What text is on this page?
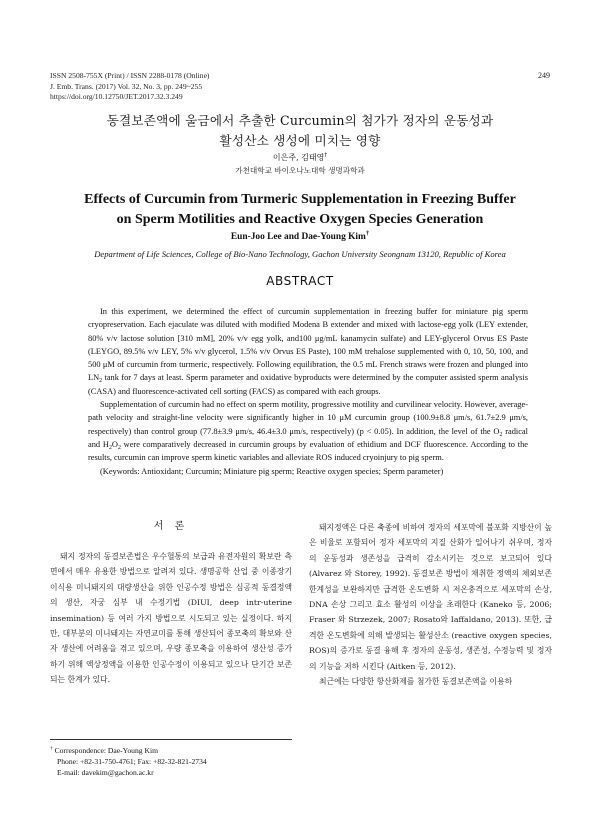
ISSN 2508-755X (Print) / ISSN 2288-0178 (Online)
J. Emb. Trans. (2017) Vol. 32, No. 3, pp. 249~255
https://doi.org/10.12750/JET.2017.32.3.249
249
동결보존액에 울금에서 추출한 Curcumin의 첨가가 정자의 운동성과
활성산소 생성에 미치는 영향
이은주, 김태영†
가천대학교 바이오나노대학 생명과학과
Effects of Curcumin from Turmeric Supplementation in Freezing Buffer
on Sperm Motilities and Reactive Oxygen Species Generation
Eun-Joo Lee and Dae-Young Kim†
Department of Life Sciences, College of Bio-Nano Technology, Gachon University Seongnam 13120, Republic of Korea
ABSTRACT

In this experiment, we determined the effect of curcumin supplementation in freezing buffer for miniature pig sperm cryopreservation. Each ejaculate was diluted with modified Modena B extender and mixed with lactose-egg yolk (LEY extender, 80% v/v lactose solution [310 mM], 20% v/v egg yolk, and100 μg/mL kanamycin sulfate) and LEY-glycerol Orvus ES Paste (LEYGO, 89.5% v/v LEY, 5% v/v glycerol, 1.5% v/v Orvus ES Paste), 100 mM trehalose supplemented with 0, 10, 50, 100, and 500 μM of curcumin from turmeric, respectively. Following equilibration, the 0.5 mL French straws were frozen and plunged into $LN_2$ tank for 7 days at least. Sperm parameter and oxidative byproducts were determined by the computer assisted sperm analysis (CASA) and fluorescence-activated cell sorting (FACS) as compared with each groups.

Supplementation of curcumin had no effect on sperm motility, progressive motility and curvilinear velocity. However, average-path velocity and straight-line velocity were significantly higher in 10 μM curcumin group (100.9±8.8 μm/s, 61.7±2.9 μm/s, respectively) than control group (77.8±3.9 μm/s, 46.4±3.0 μm/s, respectively) (p < 0.05). In addition, the level of the $O_2$ radical and $H_2O_2$ were comparatively decreased in curcumin groups by evaluation of ethidium and DCF fluorescence. According to the results, curcumin can improve sperm kinetic variables and alleviate ROS induced cryoinjury to pig sperm.

(Keywords: Antioxidant; Curcumin; Miniature pig sperm; Reactive oxygen species; Sperm parameter)

서 론

돼지 정자의 동결보존법은 우수혈통의 보급과 유전자원의 확보란 측면에서 매우 유용한 방법으로 알려져 있다. 생명공학 산업 중 이종장기 이식용 미니돼지의 대량생산을 위한 인공수정 방법은 심공적 동결정액의 생산, 자궁 심부 내 수정기법 (DIUI, deep intr-uterine insemination) 등 여러 가지 방법으로 시도되고 있는 실정이다. 하지만, 대부분의 미니돼지는 자연교미를 통해 생산되어 종모축의 확보와 산자 생산에 어려움을 겪고 있으며, 우량 종모축을 이용하여 생산성 증가하기 위해 액상정액을 이용한 인공수정이 이용되고 있으나 단기간 보존되는 한계가 있다.

돼지정액은 다른 축종에 비하여 정자의 세포막에 불포화 지방산이 높은 비율로 포함되어 정자 세포막의 지질 산화가 일어나기 쉬우며, 정자의 운동성과 생존성을 급격히 감소시키는 것으로 보고되어 있다 (Alvarez 와 Storey, 1992). 동결보존 방법이 채취한 정액의 체외보존 한계성을 보완하지만 급격한 온도변화 시 저온충격으로 세포막의 손상, DNA 손상 그리고 효소 활성의 이상을 초래한다 (Kaneko 등, 2006; Fraser 와 Strzezek, 2007; Rosato와 Iaffaldano, 2013). 또한, 급격한 온도변화에 의해 발생되는 활성산소 (reactive oxygen species, ROS)의 증가로 동결 융해 후 정자의 운동성, 생존성, 수정능력 및 정자의 기능을 저하 시킨다 (Aitken 등, 2012).

최근에는 다양한 항산화제를 첨가한 동결보존액을 이용하

† Correspondence: Dae-Young Kim
Phone: +82-31-750-4761; Fax: +82-32-821-2734
E-mail: davekim@gachon.ac.kr
